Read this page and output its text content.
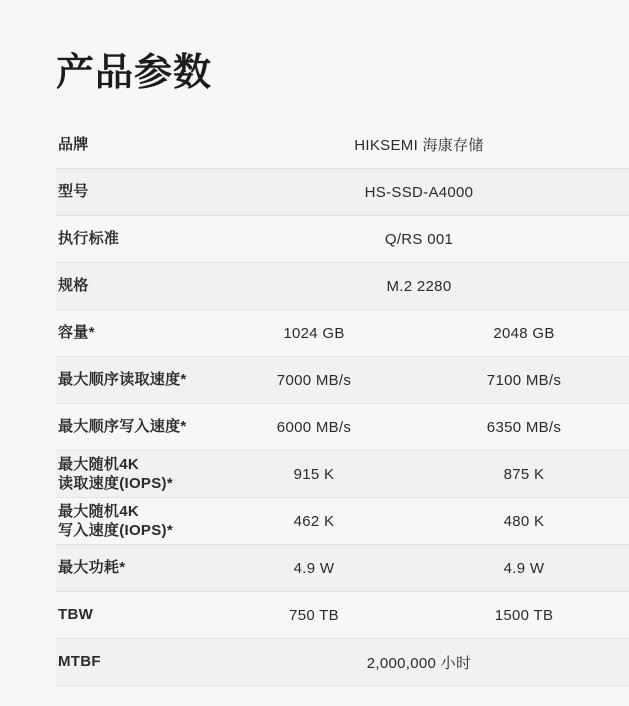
产品参数
品牌	HIKSEMI 海康存储	

型号	HS-SSD-A4000	

执行标准	Q/RS 001	

规格	M.2 2280	

容量*	1024 GB	2048 GB

最大顺序读取速度*	7000 MB/s	7100 MB/s

最大顺序写入速度*	6000 MB/s	6350 MB/s

最大随机4K
读取速度(IOPS)*	915 K	875 K

最大随机4K
写入速度(IOPS)*	462 K	480 K

最大功耗*	4.9 W	4.9 W

TBW	750 TB	1500 TB

MTBF	2,000,000 小时	
